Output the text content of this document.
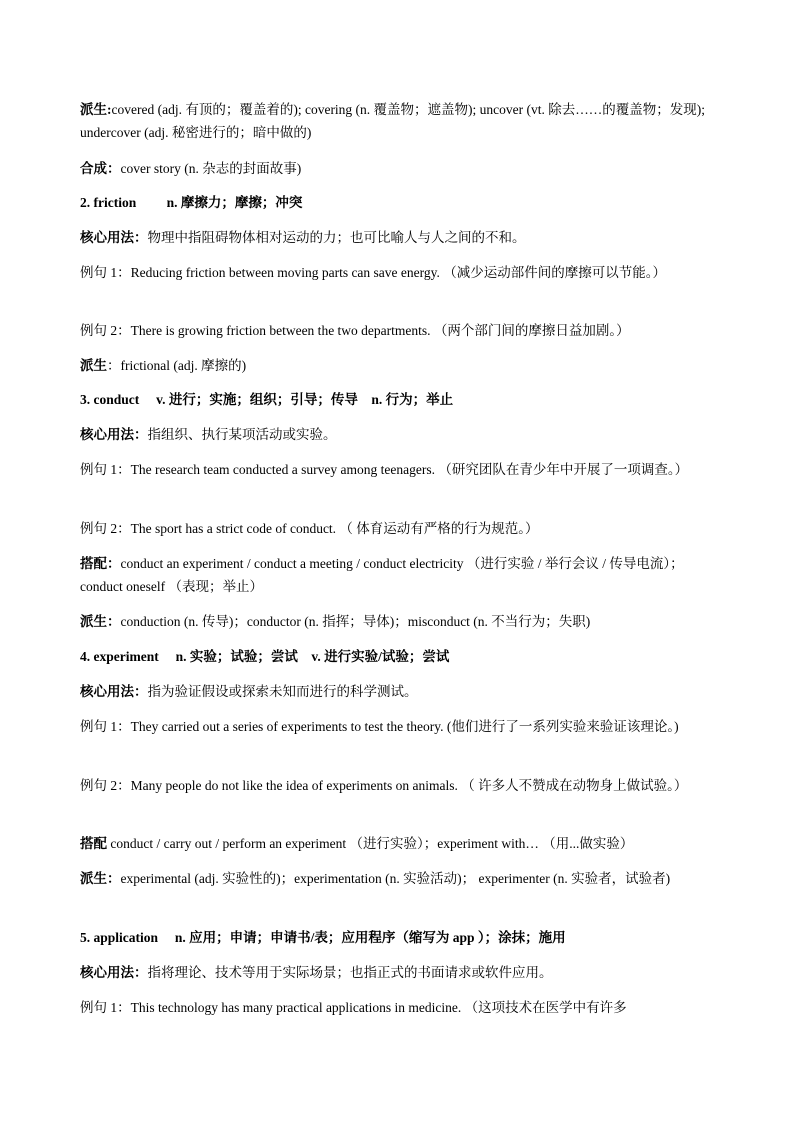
派生:covered (adj. 有顶的；覆盖着的); covering (n. 覆盖物；遮盖物); uncover (vt. 除去……的覆盖物；发现); undercover (adj. 秘密进行的；暗中做的)

合成：cover story (n. 杂志的封面故事)

2. friction　　 n. 摩擦力；摩擦；冲突

核心用法：物理中指阻碍物体相对运动的力；也可比喻人与人之间的不和。

例句 1：Reducing friction between moving parts can save energy. （减少运动部件间的摩擦可以节能。）

例句 2：There is growing friction between the two departments. （两个部门间的摩擦日益加剧。）

派生：frictional (adj. 摩擦的)

3. conduct　 v. 进行；实施；组织；引导；传导　n. 行为；举止

核心用法：指组织、执行某项活动或实验。

例句 1：The research team conducted a survey among teenagers. （研究团队在青少年中开展了一项调查。）

例句 2：The sport has a strict code of conduct. （ 体育运动有严格的行为规范。）

搭配：conduct an experiment / conduct a meeting / conduct electricity （进行实验 / 举行会议 / 传导电流）；conduct oneself （表现；举止）

派生：conduction (n. 传导)；conductor (n. 指挥；导体)；misconduct (n. 不当行为；失职)

4. experiment　 n. 实验；试验；尝试　v. 进行实验/试验；尝试

核心用法：指为验证假设或探索未知而进行的科学测试。

例句 1：They carried out a series of experiments to test the theory. (他们进行了一系列实验来验证该理论。)

例句 2：Many people do not like the idea of experiments on animals. （ 许多人不赞成在动物身上做试验。）

搭配 conduct / carry out / perform an experiment （进行实验）；experiment with… （用...做实验）

派生：experimental (adj. 实验性的)；experimentation (n. 实验活动)； experimenter (n. 实验者，试验者)

5. application　 n. 应用；申请；申请书/表；应用程序（缩写为 app ）；涂抹；施用

核心用法：指将理论、技术等用于实际场景；也指正式的书面请求或软件应用。

例句 1：This technology has many practical applications in medicine. （这项技术在医学中有许多
